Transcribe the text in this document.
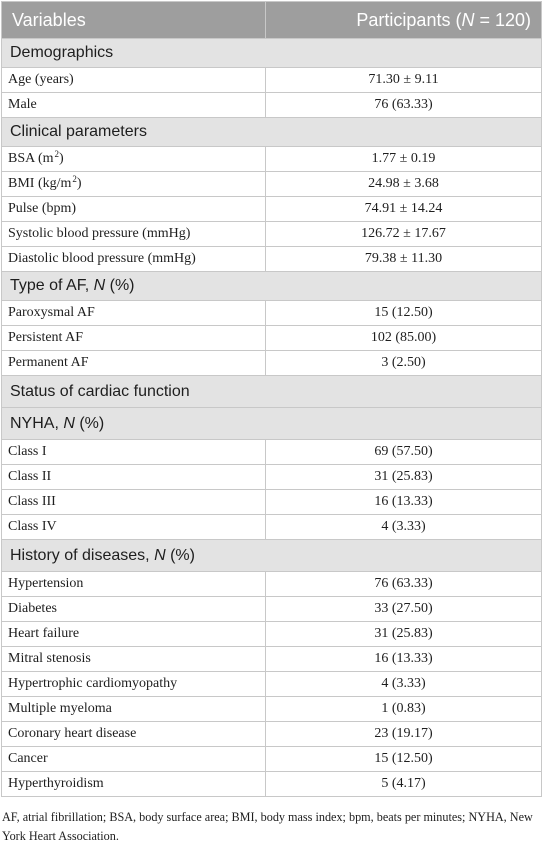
Variables	Participants (N = 120)
Demographics	
Age (years)	71.30 ± 9.11
Male	76 (63.33)
Clinical parameters	
BSA $(m^2)$	1.77 ± 0.19
BMI $(kg/m^2)$	24.98 ± 3.68
Pulse (bpm)	74.91 ± 14.24
Systolic blood pressure (mmHg)	126.72 ± 17.67
Diastolic blood pressure (mmHg)	79.38 ± 11.30
Type of AF, N (%)	
Paroxysmal AF	15 (12.50)
Persistent AF	102 (85.00)
Permanent AF	3 (2.50)
Status of cardiac function	
NYHA, N (%)	
Class I	69 (57.50)
Class II	31 (25.83)
Class III	16 (13.33)
Class IV	4 (3.33)
History of diseases, N (%)	
Hypertension	76 (63.33)
Diabetes	33 (27.50)
Heart failure	31 (25.83)
Mitral stenosis	16 (13.33)
Hypertrophic cardiomyopathy	4 (3.33)
Multiple myeloma	1 (0.83)
Coronary heart disease	23 (19.17)
Cancer	15 (12.50)
Hyperthyroidism	5 (4.17)
AF, atrial fibrillation; BSA, body surface area; BMI, body mass index; bpm, beats per minutes; NYHA, New York Heart Association.
